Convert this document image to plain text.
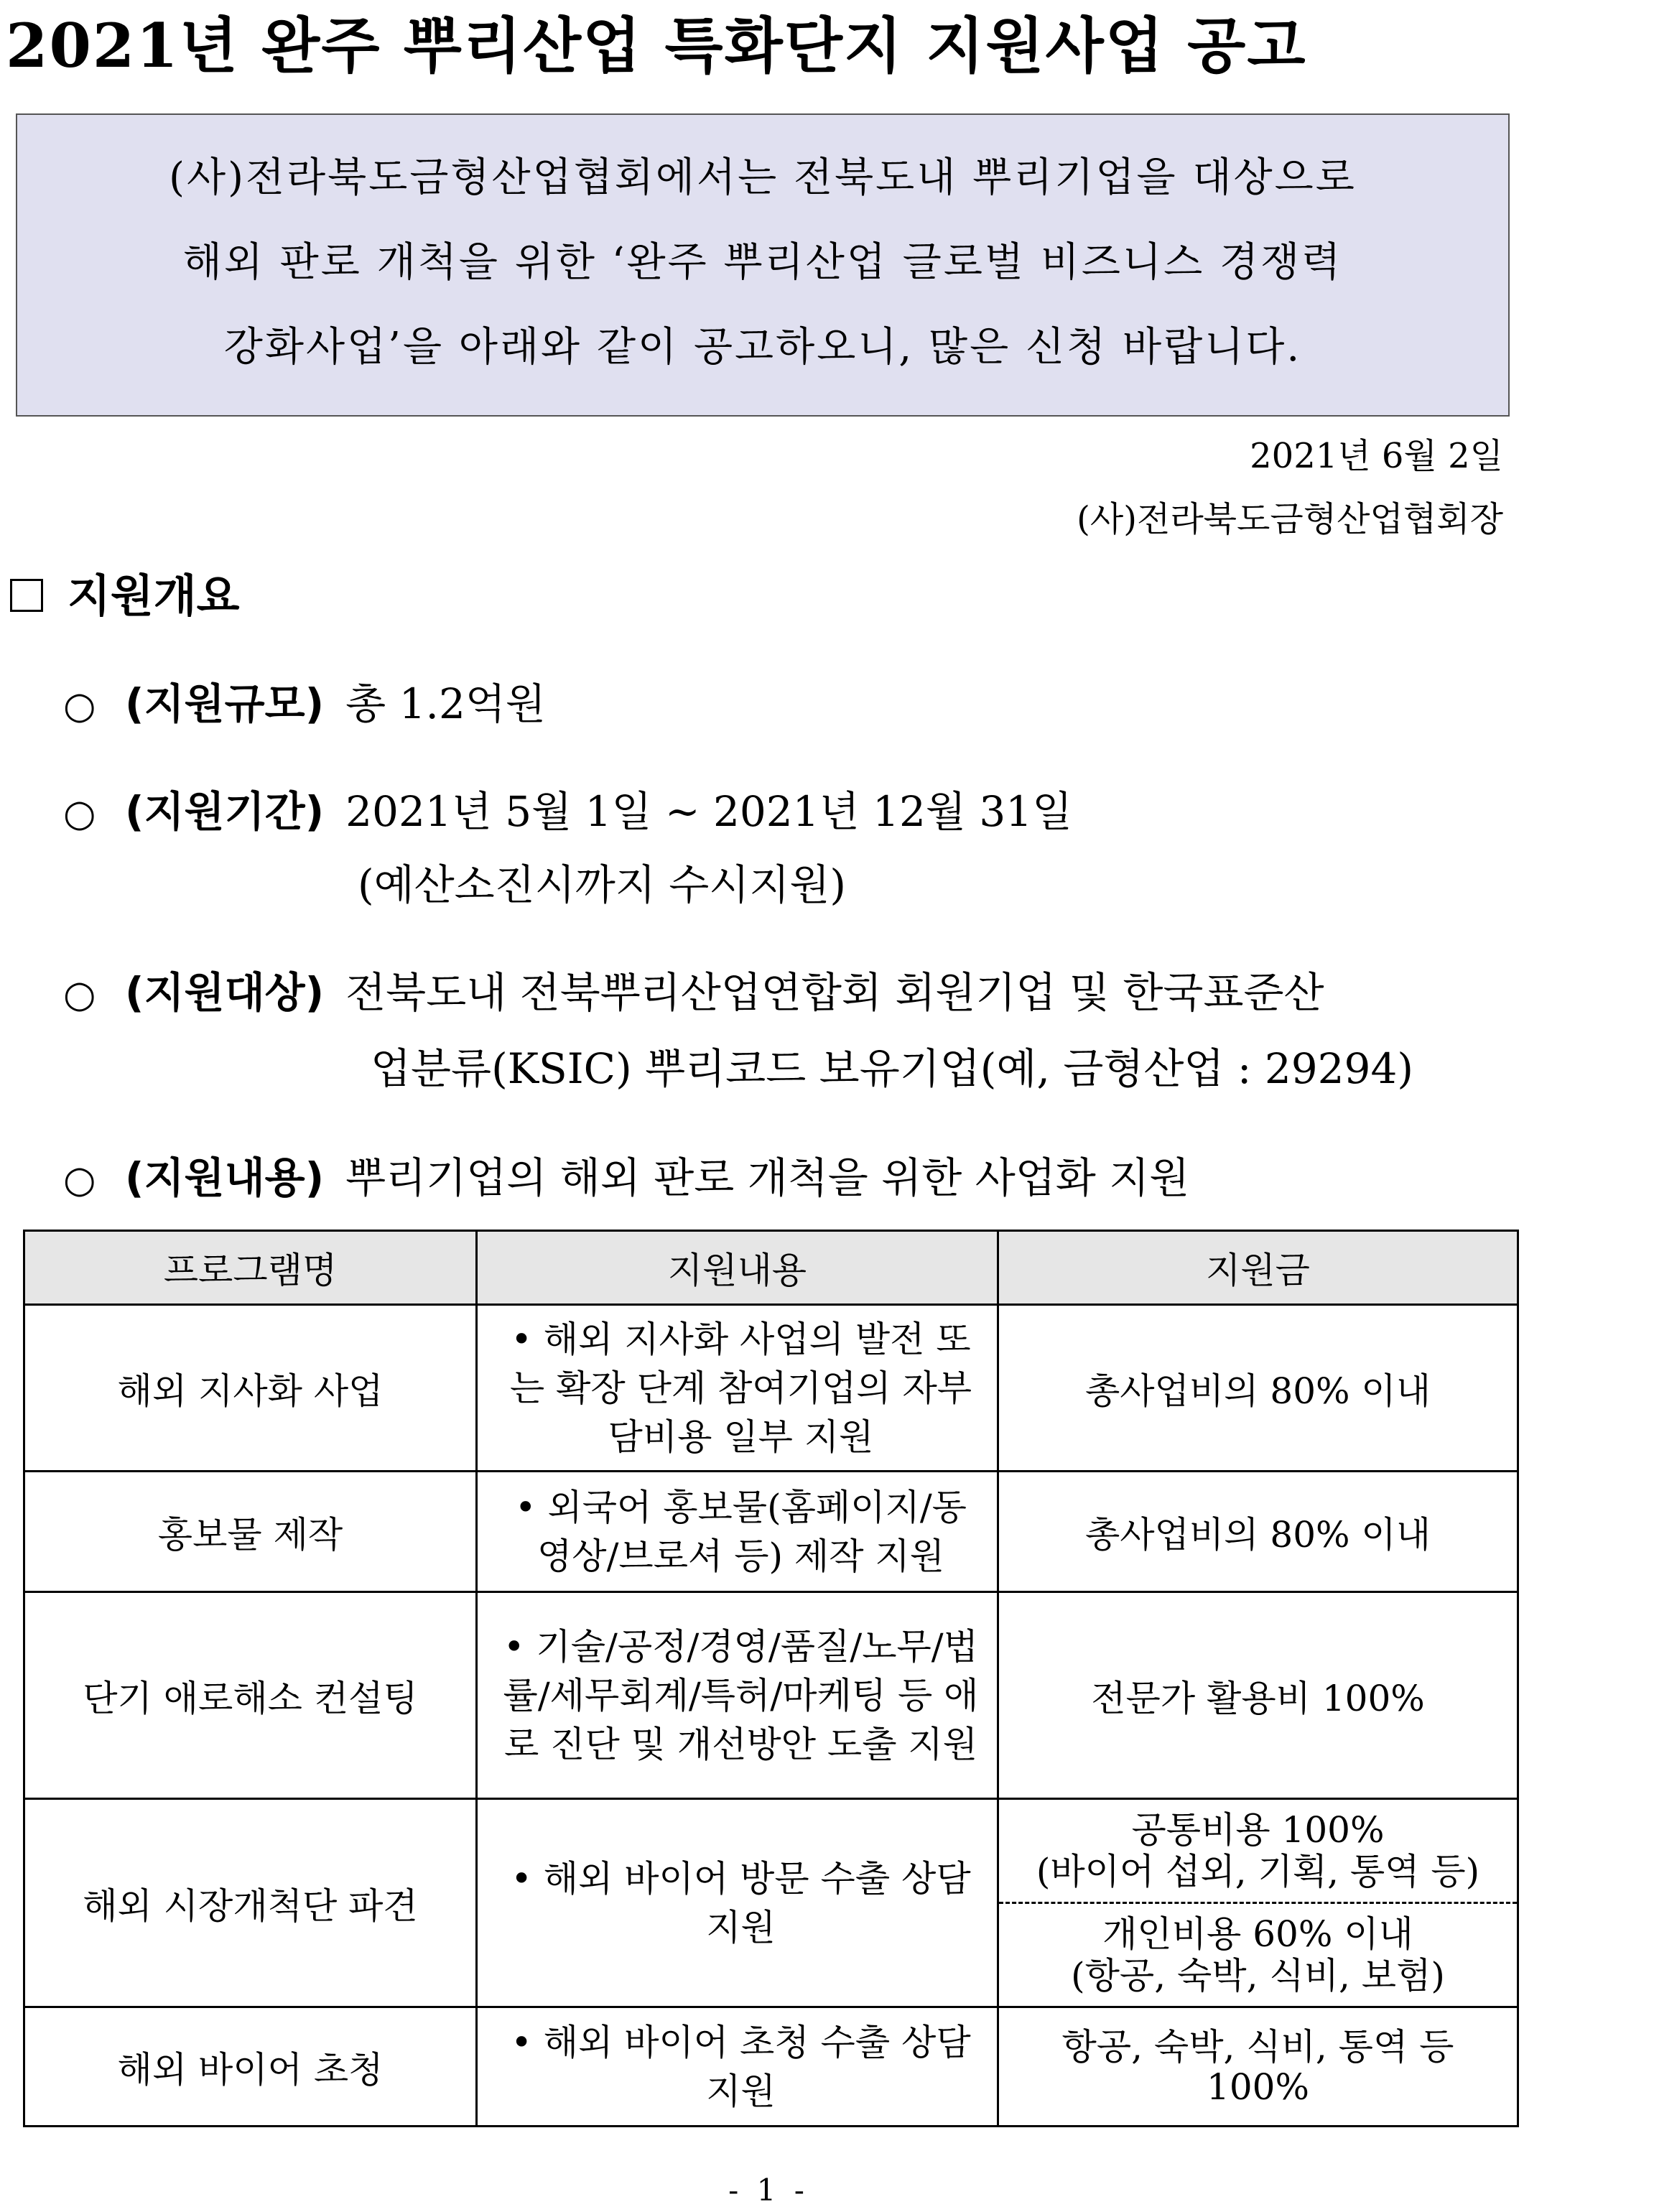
2021년 완주 뿌리산업 특화단지 지원사업 공고
(사)전라북도금형산업협회에서는 전북도내 뿌리기업을 대상으로
해외 판로 개척을 위한 ‘완주 뿌리산업 글로벌 비즈니스 경쟁력
강화사업’을 아래와 같이 공고하오니, 많은 신청 바랍니다.
2021년 6월 2일
(사)전라북도금형산업협회장
지원개요
○ (지원규모) 총 1.2억원
○ (지원기간) 2021년 5월 1일 ~ 2021년 12월 31일
(예산소진시까지 수시지원)
○ (지원대상) 전북도내 전북뿌리산업연합회 회원기업 및 한국표준산
업분류(KSIC) 뿌리코드 보유기업(예, 금형산업 : 29294)
○ (지원내용) 뿌리기업의 해외 판로 개척을 위한 사업화 지원
프로그램명	지원내용	지원금
해외 지사화 사업	• 해외 지사화 사업의 발전 또는 확장 단계 참여기업의 자부담비용 일부 지원	총사업비의 80% 이내
홍보물 제작	• 외국어 홍보물(홈페이지/동영상/브로셔 등) 제작 지원	총사업비의 80% 이내
단기 애로해소 컨설팅	• 기술/공정/경영/품질/노무/법률/세무회계/특허/마케팅 등 애로 진단 및 개선방안 도출 지원	전문가 활용비 100%
해외 시장개척단 파견	• 해외 바이어 방문 수출 상담 지원	공통비용 100%
(바이어 섭외, 기획, 통역 등)
개인비용 60% 이내
(항공, 숙박, 식비, 보험)

해외 바이어 초청	• 해외 바이어 초청 수출 상담 지원	항공, 숙박, 식비, 통역 등
100%
- 1 -
